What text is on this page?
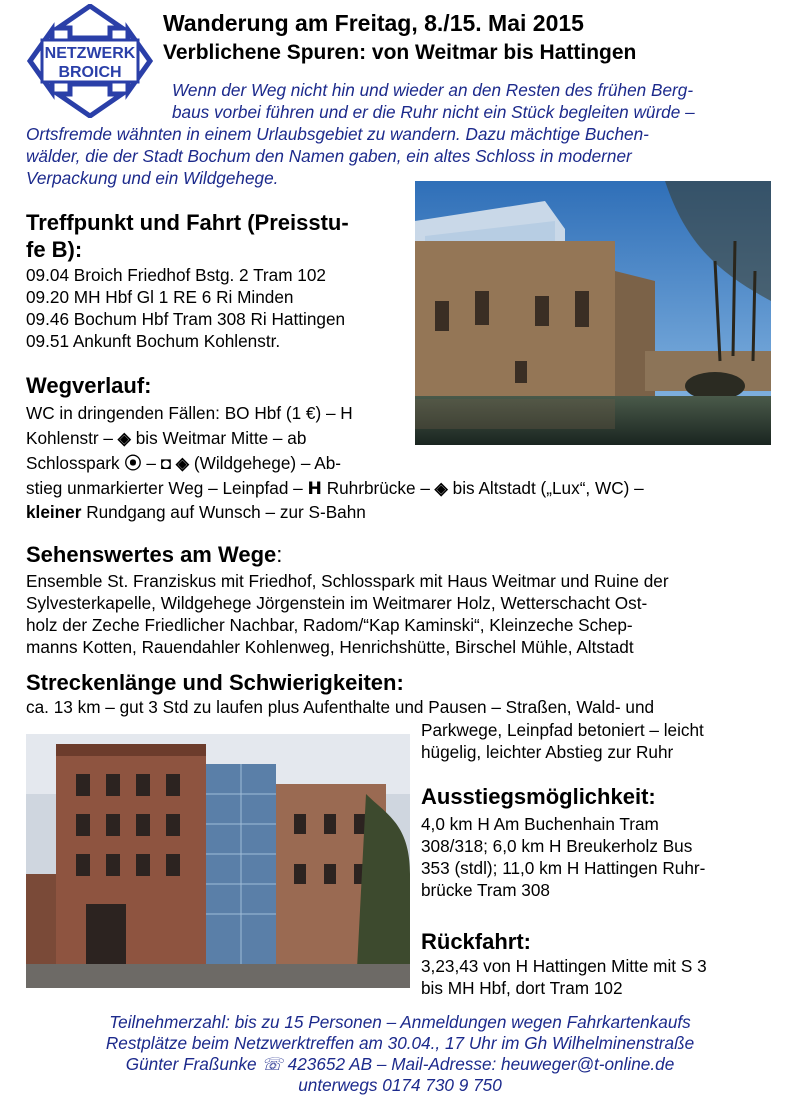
NETZWERK
BROICH
Wanderung am Freitag, 8./15. Mai 2015
Verblichene Spuren: von Weitmar bis Hattingen
Wenn der Weg nicht hin und wieder an den Resten des frühen Berg-
baus vorbei führen und er die Ruhr nicht ein Stück begleiten würde –
Ortsfremde wähnten in einem Urlaubsgebiet zu wandern. Dazu mächtige Buchen-
wälder, die der Stadt Bochum den Namen gaben, ein altes Schloss in moderner
Verpackung und ein Wildgehege.
Treffpunkt und Fahrt (Preisstu-
fe B):
09.04 Broich Friedhof Bstg. 2 Tram 102
09.20 MH Hbf Gl 1 RE 6 Ri Minden
09.46 Bochum Hbf Tram 308 Ri Hattingen
09.51 Ankunft Bochum Kohlenstr.
Wegverlauf:
WC in dringenden Fällen: BO Hbf (1 €) – H
Kohlenstr – ◈ bis Weitmar Mitte – ab
Schlosspark ⦿ – ◘ ◈ (Wildgehege) – Ab-
stieg unmarkierter Weg – Leinpfad – H Ruhrbrücke – ◈ bis Altstadt („Lux“, WC) –
kleiner Rundgang auf Wunsch – zur S-Bahn
Sehenswertes am Wege:
Ensemble St. Franziskus mit Friedhof, Schlosspark mit Haus Weitmar und Ruine der
Sylvesterkapelle, Wildgehege Jörgenstein im Weitmarer Holz, Wetterschacht Ost-
holz der Zeche Friedlicher Nachbar, Radom/“Kap Kaminski“, Kleinzeche Schep-
manns Kotten, Rauendahler Kohlenweg, Henrichshütte, Birschel Mühle, Altstadt
Streckenlänge und Schwierigkeiten:
ca. 13 km – gut 3 Std zu laufen plus Aufenthalte und Pausen – Straßen, Wald- und
Parkwege, Leinpfad betoniert – leicht
hügelig, leichter Abstieg zur Ruhr
Ausstiegsmöglichkeit:
4,0 km H Am Buchenhain Tram
308/318; 6,0 km H Breukerholz Bus
353 (stdl); 11,0 km H Hattingen Ruhr-
brücke Tram 308
Rückfahrt:
3,23,43 von H Hattingen Mitte mit S 3
bis MH Hbf, dort Tram 102
Teilnehmerzahl: bis zu 15 Personen – Anmeldungen wegen Fahrkartenkaufs
Restplätze beim Netzwerktreffen am 30.04., 17 Uhr im Gh Wilhelminenstraße
Günter Fraßunke ☏ 423652 AB – Mail-Adresse: heuweger@t-online.de
unterwegs 0174 730 9 750
